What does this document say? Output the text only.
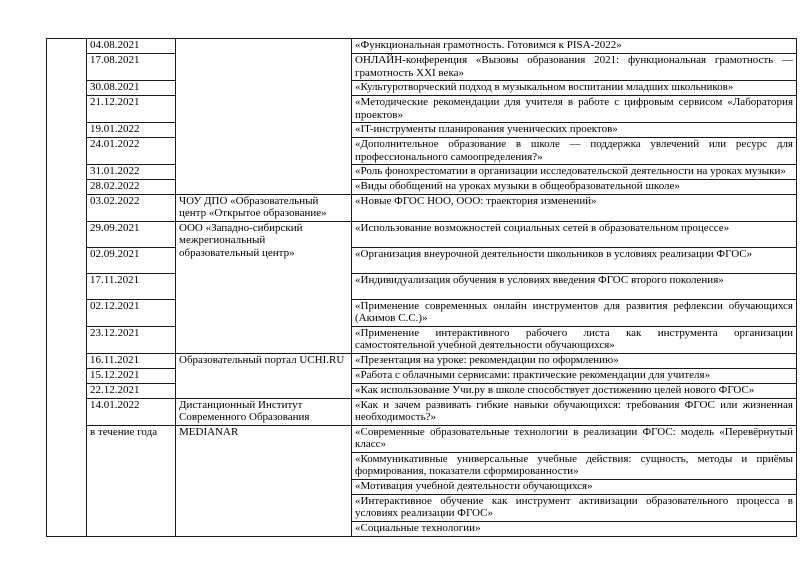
	04.08.2021		«Функциональная грамотность. Готовимся к PISA-2022»
	17.08.2021		ОНЛАЙН-конференция «Вызовы образования 2021: функциональная грамотность — грамотность XXI века»
	30.08.2021		«Культуротворческий подход в музыкальном воспитании младших школьников»
	21.12.2021		«Методические рекомендации для учителя в работе с цифровым сервисом «Лаборатория проектов»
	19.01.2022		«IT-инструменты планирования ученических проектов»
	24.01.2022		«Дополнительное образование в школе — поддержка увлечений или ресурс для профессионального самоопределения?»
	31.01.2022		«Роль фонохрестоматии в организации исследовательской деятельности на уроках музыки»
	28.02.2022		«Виды обобщений на уроках музыки в общеобразовательной школе»
	03.02.2022	ЧОУ ДПО «Образовательный центр «Открытое образование»	«Новые ФГОС НОО, ООО: траектория изменений»
	29.09.2021	ООО «Западно-сибирский межрегиональный образовательный центр»	«Использование возможностей социальных сетей в образовательном процессе»
	02.09.2021		«Организация внеурочной деятельности школьников в условиях реализации ФГОС»
	17.11.2021		«Индивидуализация обучения в условиях введения ФГОС второго поколения»
	02.12.2021		«Применение современных онлайн инструментов для развития рефлексии обучающихся (Акимов С.С.)»
	23.12.2021		«Применение интерактивного рабочего листа как инструмента организации самостоятельной учебной деятельности обучающихся»
	16.11.2021	Образовательный портал UCHI.RU	«Презентация на уроке: рекомендации по оформлению»
	15.12.2021		«Работа с облачными сервисами: практические рекомендации для учителя»
	22.12.2021		«Как использование Учи.ру в школе способствует достижению целей нового ФГОС»
	14.01.2022	Дистанционный Институт Современного Образования	«Как и зачем развивать гибкие навыки обучающихся: требования ФГОС или жизненная необходимость?»
	в течение года	MEDIANAR	«Современные образовательные технологии в реализации ФГОС: модель «Перевёрнутый класс»
			«Коммуникативные универсальные учебные действия: сущность, методы и приёмы формирования, показатели сформированности»
			«Мотивация учебной деятельности обучающихся»
			«Интерактивное обучение как инструмент активизации образовательного процесса в условиях реализации ФГОС»
			«Социальные технологии»
